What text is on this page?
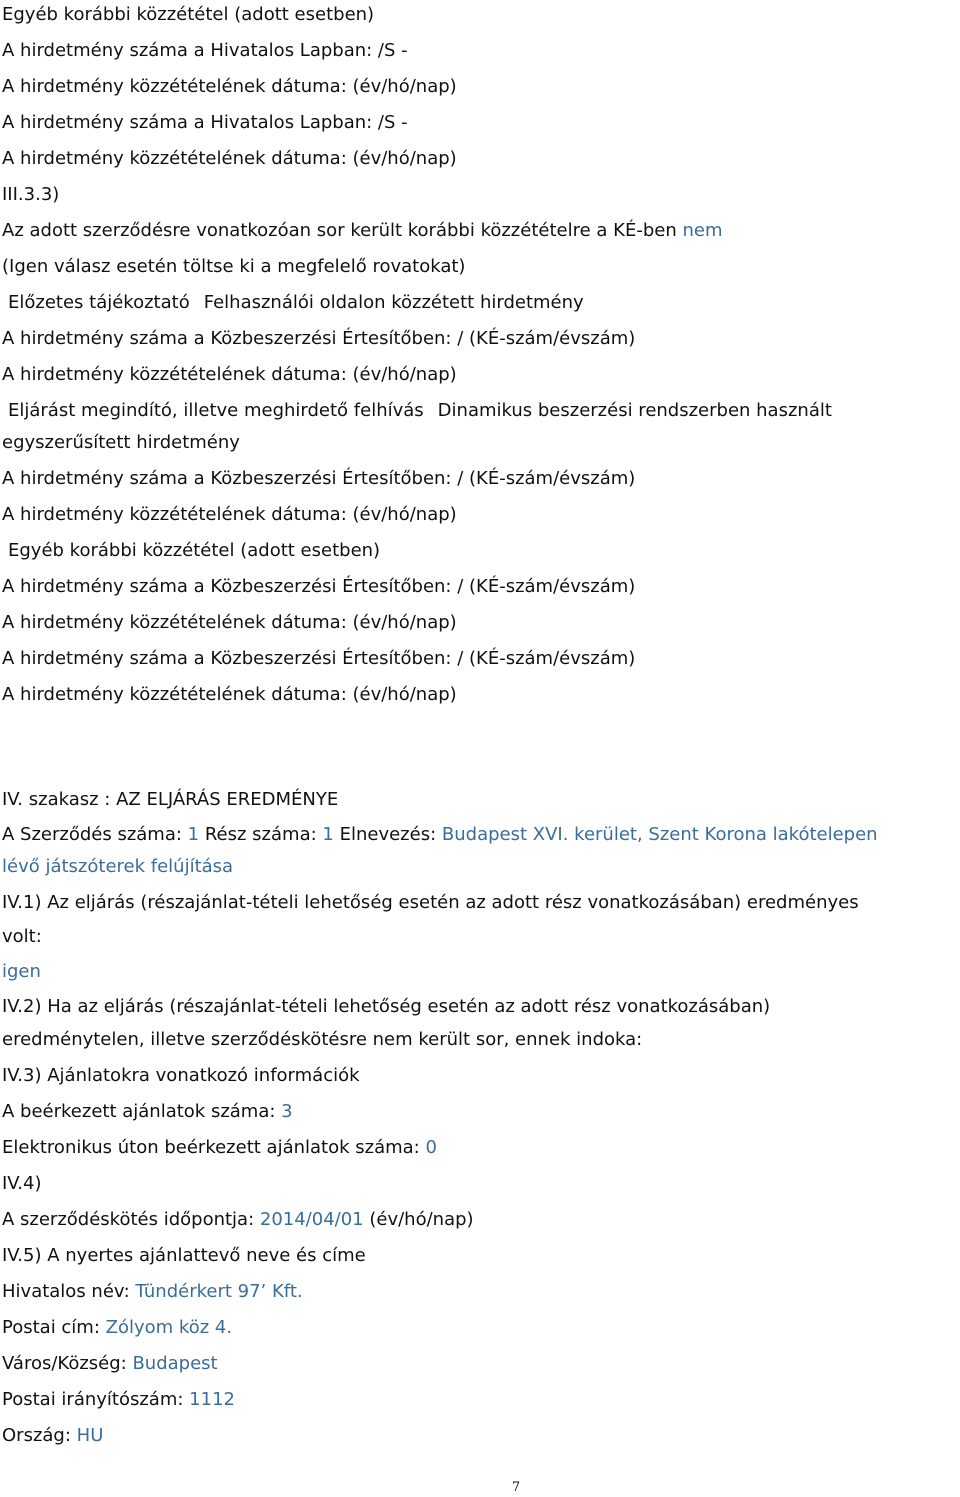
Egyéb korábbi közzététel (adott esetben)
A hirdetmény száma a Hivatalos Lapban: /S -
A hirdetmény közzétételének dátuma: (év/hó/nap)
A hirdetmény száma a Hivatalos Lapban: /S -
A hirdetmény közzétételének dátuma: (év/hó/nap)
III.3.3)
Az adott szerződésre vonatkozóan sor került korábbi közzétételre a KÉ-ben nem
(Igen válasz esetén töltse ki a megfelelő rovatokat)
Előzetes tájékoztató Felhasználói oldalon közzétett hirdetmény
A hirdetmény száma a Közbeszerzési Értesítőben: / (KÉ-szám/évszám)
A hirdetmény közzétételének dátuma: (év/hó/nap)
Eljárást megindító, illetve meghirdető felhívás Dinamikus beszerzési rendszerben használt
egyszerűsített hirdetmény
A hirdetmény száma a Közbeszerzési Értesítőben: / (KÉ-szám/évszám)
A hirdetmény közzétételének dátuma: (év/hó/nap)
Egyéb korábbi közzététel (adott esetben)
A hirdetmény száma a Közbeszerzési Értesítőben: / (KÉ-szám/évszám)
A hirdetmény közzétételének dátuma: (év/hó/nap)
A hirdetmény száma a Közbeszerzési Értesítőben: / (KÉ-szám/évszám)
A hirdetmény közzétételének dátuma: (év/hó/nap)
IV. szakasz : AZ ELJÁRÁS EREDMÉNYE
A Szerződés száma: 1 Rész száma: 1 Elnevezés: Budapest XVI. kerület, Szent Korona lakótelepen
lévő játszóterek felújítása
IV.1) Az eljárás (részajánlat-tételi lehetőség esetén az adott rész vonatkozásában) eredményes
volt:
igen
IV.2) Ha az eljárás (részajánlat-tételi lehetőség esetén az adott rész vonatkozásában)
eredménytelen, illetve szerződéskötésre nem került sor, ennek indoka:
IV.3) Ajánlatokra vonatkozó információk
A beérkezett ajánlatok száma: 3
Elektronikus úton beérkezett ajánlatok száma: 0
IV.4)
A szerződéskötés időpontja: 2014/04/01 (év/hó/nap)
IV.5) A nyertes ajánlattevő neve és címe
Hivatalos név: Tündérkert 97’ Kft.
Postai cím: Zólyom köz 4.
Város/Község: Budapest
Postai irányítószám: 1112
Ország: HU
7
